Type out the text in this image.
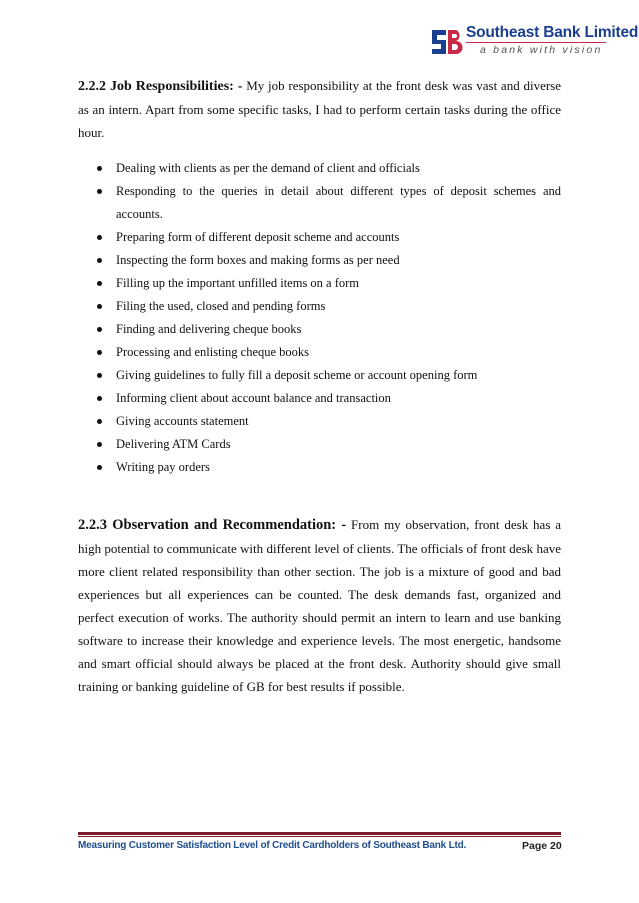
Southeast Bank Limited
a bank with vision

2.2.2 Job Responsibilities: - My job responsibility at the front desk was vast and diverse as an intern. Apart from some specific tasks, I had to perform certain tasks during the office hour.

Dealing with clients as per the demand of client and officials
Responding to the queries in detail about different types of deposit schemes and accounts.
Preparing form of different deposit scheme and accounts
Inspecting the form boxes and making forms as per need
Filling up the important unfilled items on a form
Filing the used, closed and pending forms
Finding and delivering cheque books
Processing and enlisting cheque books
Giving guidelines to fully fill a deposit scheme or account opening form
Informing client about account balance and transaction
Giving accounts statement
Delivering ATM Cards
Writing pay orders

2.2.3 Observation and Recommendation: - From my observation, front desk has a high potential to communicate with different level of clients. The officials of front desk have more client related responsibility than other section. The job is a mixture of good and bad experiences but all experiences can be counted. The desk demands fast, organized and perfect execution of works. The authority should permit an intern to learn and use banking software to increase their knowledge and experience levels. The most energetic, handsome and smart official should always be placed at the front desk. Authority should give small training or banking guideline of GB for best results if possible.

Measuring Customer Satisfaction Level of Credit Cardholders of Southeast Bank Ltd.	Page 20
